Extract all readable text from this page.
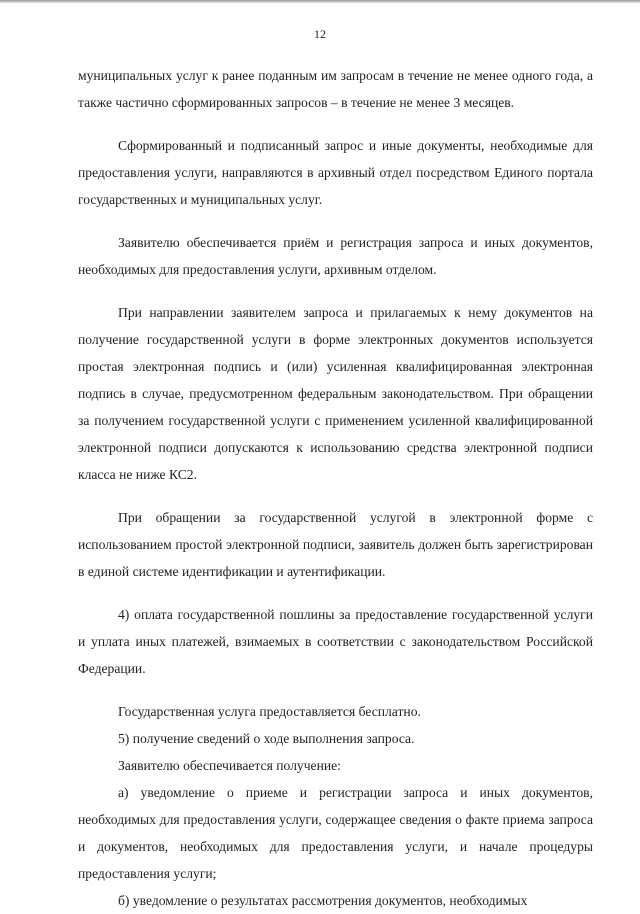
12

муниципальных услуг к ранее поданным им запросам в течение не менее одного года, а также частично сформированных запросов – в течение не менее 3 месяцев.

Сформированный и подписанный запрос и иные документы, необходимые для предоставления услуги, направляются в архивный отдел посредством Единого портала государственных и муниципальных услуг.

Заявителю обеспечивается приём и регистрация запроса и иных документов, необходимых для предоставления услуги, архивным отделом.

При направлении заявителем запроса и прилагаемых к нему документов на получение государственной услуги в форме электронных документов используется простая электронная подпись и (или) усиленная квалифицированная электронная подпись в случае, предусмотренном федеральным законодательством. При обращении за получением государственной услуги с применением усиленной квалифицированной электронной подписи допускаются к использованию средства электронной подписи класса не ниже КС2.

При обращении за государственной услугой в электронной форме с использованием простой электронной подписи, заявитель должен быть зарегистрирован в единой системе идентификации и аутентификации.

4) оплата государственной пошлины за предоставление государственной услуги и уплата иных платежей, взимаемых в соответствии с законодательством Российской Федерации.

Государственная услуга предоставляется бесплатно.

5) получение сведений о ходе выполнения запроса.

Заявителю обеспечивается получение:

а) уведомление о приеме и регистрации запроса и иных документов, необходимых для предоставления услуги, содержащее сведения о факте приема запроса и документов, необходимых для предоставления услуги, и начале процедуры предоставления услуги;

б) уведомление о результатах рассмотрения документов, необходимых
